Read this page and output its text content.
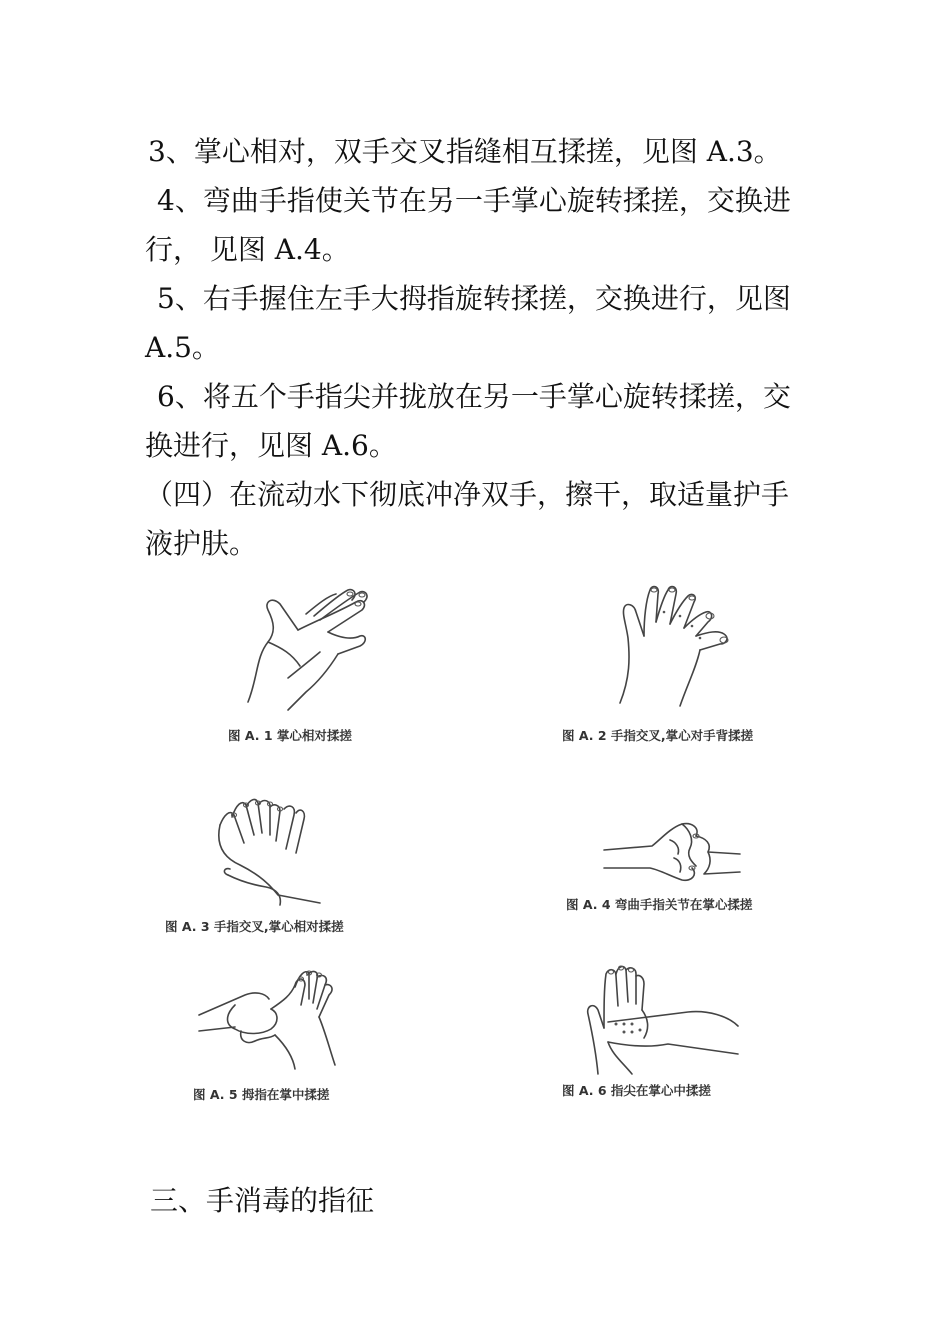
3、掌心相对，双手交叉指缝相互揉搓，见图 A.3。

4、弯曲手指使关节在另一手掌心旋转揉搓，交换进行， 见图 A.4。

5、右手握住左手大拇指旋转揉搓，交换进行，见图 A.5。

6、将五个手指尖并拢放在另一手掌心旋转揉搓，交换进行，见图 A.6。

（四）在流动水下彻底冲净双手，擦干，取适量护手液护肤。

图 A. 1 掌心相对揉搓	图 A. 2 手指交叉,掌心对手背揉搓
图 A. 3 手指交叉,掌心相对揉搓
图 A. 4 弯曲手指关节在掌心揉搓
图 A. 5 拇指在掌中揉搓	图 A. 6 指尖在掌心中揉搓

三、手消毒的指征
